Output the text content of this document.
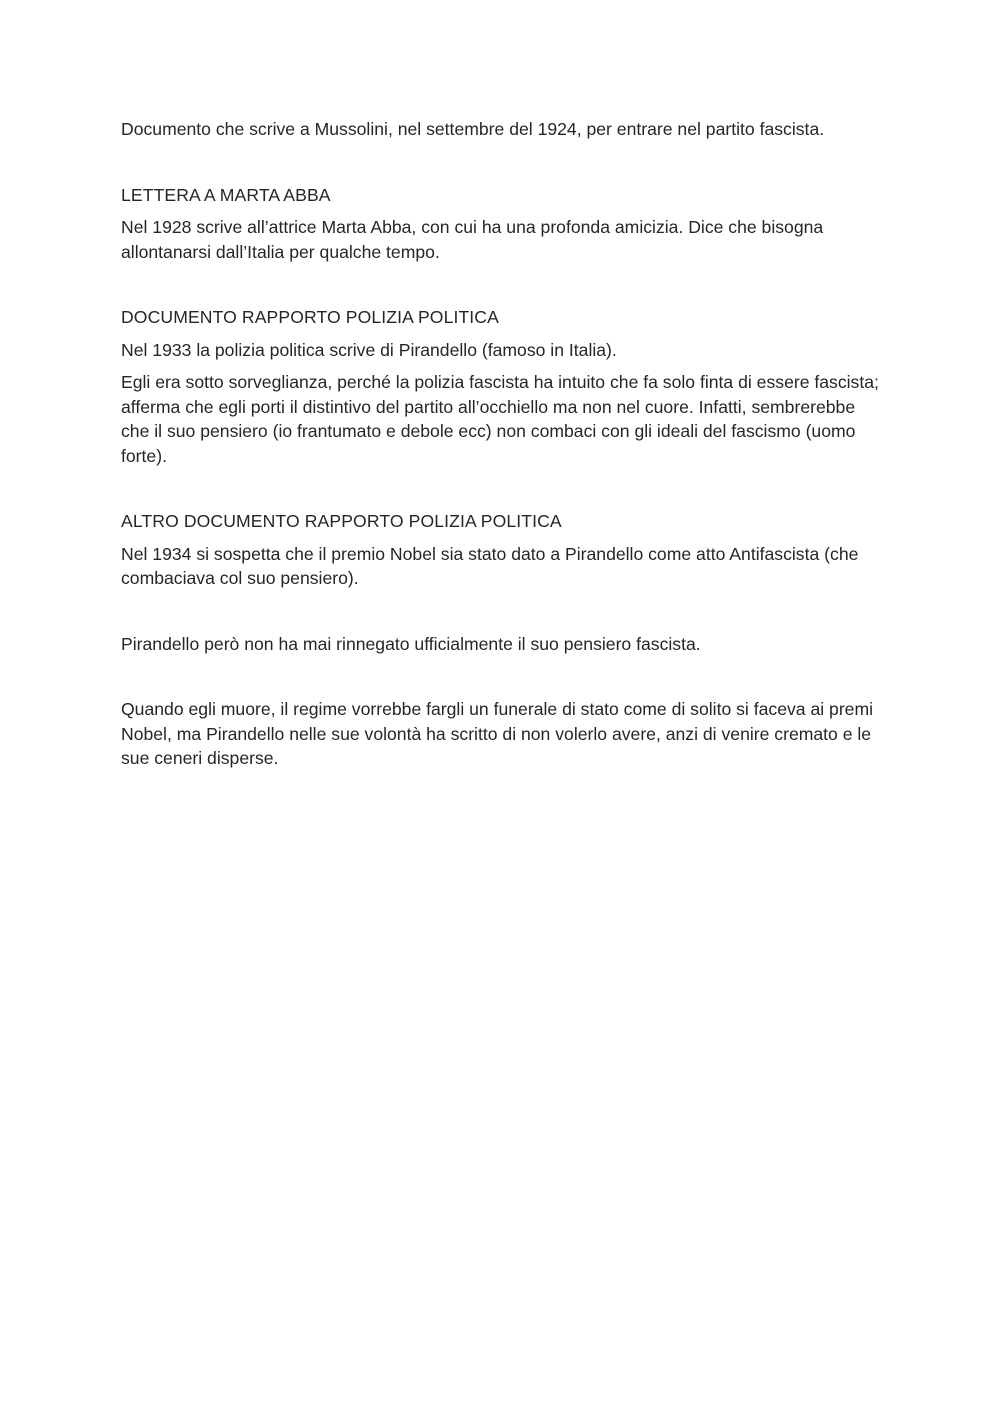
Documento che scrive a Mussolini, nel settembre del 1924, per entrare nel partito fascista.

LETTERA A MARTA ABBA

Nel 1928 scrive all’attrice Marta Abba, con cui ha una profonda amicizia. Dice che bisogna allontanarsi dall’Italia per qualche tempo.

DOCUMENTO RAPPORTO POLIZIA POLITICA

Nel 1933 la polizia politica scrive di Pirandello (famoso in Italia).

Egli era sotto sorveglianza, perché la polizia fascista ha intuito che fa solo finta di essere fascista; afferma che egli porti il distintivo del partito all’occhiello ma non nel cuore. Infatti, sembrerebbe che il suo pensiero (io frantumato e debole ecc) non combaci con gli ideali del fascismo (uomo forte).

ALTRO DOCUMENTO RAPPORTO POLIZIA POLITICA

Nel 1934 si sospetta che il premio Nobel sia stato dato a Pirandello come atto Antifascista (che combaciava col suo pensiero).

Pirandello però non ha mai rinnegato ufficialmente il suo pensiero fascista.

Quando egli muore, il regime vorrebbe fargli un funerale di stato come di solito si faceva ai premi Nobel, ma Pirandello nelle sue volontà ha scritto di non volerlo avere, anzi di venire cremato e le sue ceneri disperse.
